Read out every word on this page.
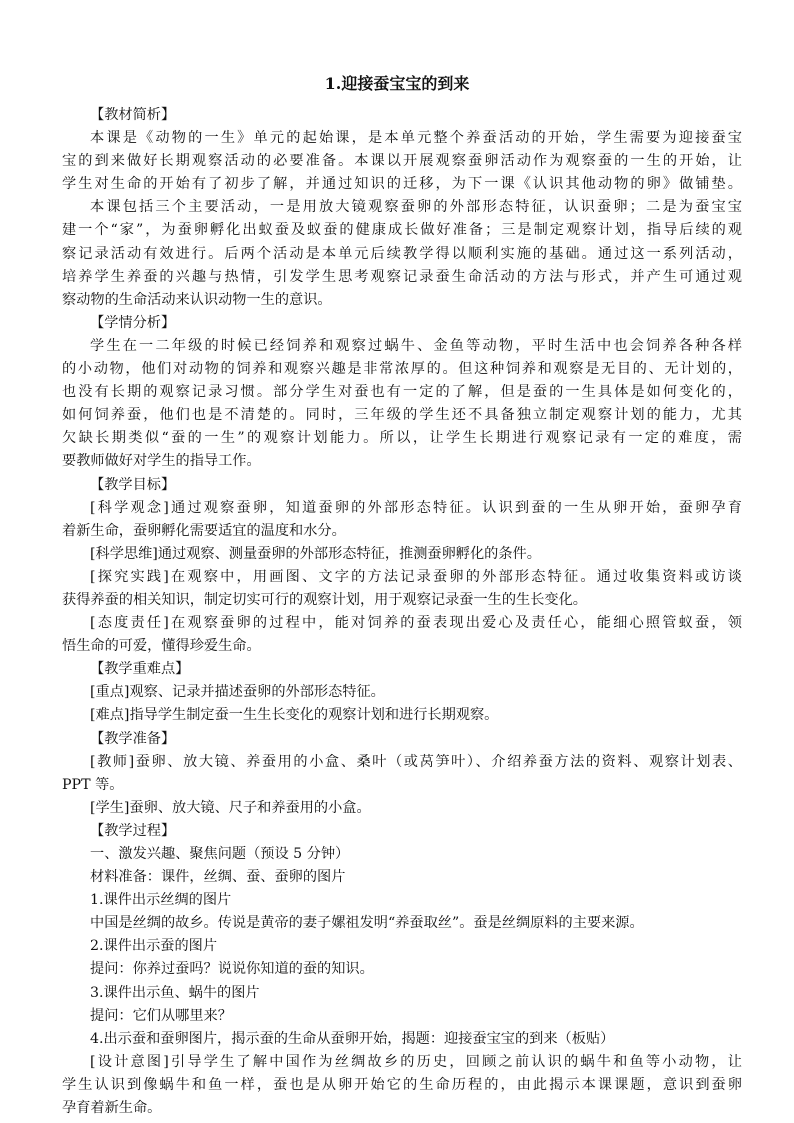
1.迎接蚕宝宝的到来
【教材简析】
本课是《动物的一生》单元的起始课，是本单元整个养蚕活动的开始，学生需要为迎接蚕宝
宝的到来做好长期观察活动的必要准备。本课以开展观察蚕卵活动作为观察蚕的一生的开始，让
学生对生命的开始有了初步了解，并通过知识的迁移，为下一课《认识其他动物的卵》做铺垫。
本课包括三个主要活动，一是用放大镜观察蚕卵的外部形态特征，认识蚕卵；二是为蚕宝宝
建一个“家”，为蚕卵孵化出蚁蚕及蚁蚕的健康成长做好准备；三是制定观察计划，指导后续的观
察记录活动有效进行。后两个活动是本单元后续教学得以顺利实施的基础。通过这一系列活动，
培养学生养蚕的兴趣与热情，引发学生思考观察记录蚕生命活动的方法与形式，并产生可通过观
察动物的生命活动来认识动物一生的意识。
【学情分析】
学生在一二年级的时候已经饲养和观察过蜗牛、金鱼等动物，平时生活中也会饲养各种各样
的小动物，他们对动物的饲养和观察兴趣是非常浓厚的。但这种饲养和观察是无目的、无计划的，
也没有长期的观察记录习惯。部分学生对蚕也有一定的了解，但是蚕的一生具体是如何变化的，
如何饲养蚕，他们也是不清楚的。同时，三年级的学生还不具备独立制定观察计划的能力，尤其
欠缺长期类似“蚕的一生”的观察计划能力。所以，让学生长期进行观察记录有一定的难度，需
要教师做好对学生的指导工作。
【教学目标】
[科学观念]通过观察蚕卵，知道蚕卵的外部形态特征。认识到蚕的一生从卵开始，蚕卵孕育
着新生命，蚕卵孵化需要适宜的温度和水分。
[科学思维]通过观察、测量蚕卵的外部形态特征，推测蚕卵孵化的条件。
[探究实践]在观察中，用画图、文字的方法记录蚕卵的外部形态特征。通过收集资料或访谈
获得养蚕的相关知识，制定切实可行的观察计划，用于观察记录蚕一生的生长变化。
[态度责任]在观察蚕卵的过程中，能对饲养的蚕表现出爱心及责任心，能细心照管蚁蚕，领
悟生命的可爱，懂得珍爱生命。
【教学重难点】
[重点]观察、记录并描述蚕卵的外部形态特征。
[难点]指导学生制定蚕一生生长变化的观察计划和进行长期观察。
【教学准备】
[教师]蚕卵、放大镜、养蚕用的小盒、桑叶（或莴笋叶）、介绍养蚕方法的资料、观察计划表、
PPT 等。
[学生]蚕卵、放大镜、尺子和养蚕用的小盒。
【教学过程】
一、激发兴趣、聚焦问题（预设 5 分钟）
材料准备：课件，丝绸、蚕、蚕卵的图片
1.课件出示丝绸的图片
中国是丝绸的故乡。传说是黄帝的妻子嫘祖发明“养蚕取丝”。蚕是丝绸原料的主要来源。
2.课件出示蚕的图片
提问：你养过蚕吗？说说你知道的蚕的知识。
3.课件出示鱼、蜗牛的图片
提问：它们从哪里来？
4.出示蚕和蚕卵图片，揭示蚕的生命从蚕卵开始，揭题：迎接蚕宝宝的到来（板贴）
[设计意图]引导学生了解中国作为丝绸故乡的历史，回顾之前认识的蜗牛和鱼等小动物，让
学生认识到像蜗牛和鱼一样，蚕也是从卵开始它的生命历程的，由此揭示本课课题，意识到蚕卵
孕育着新生命。
